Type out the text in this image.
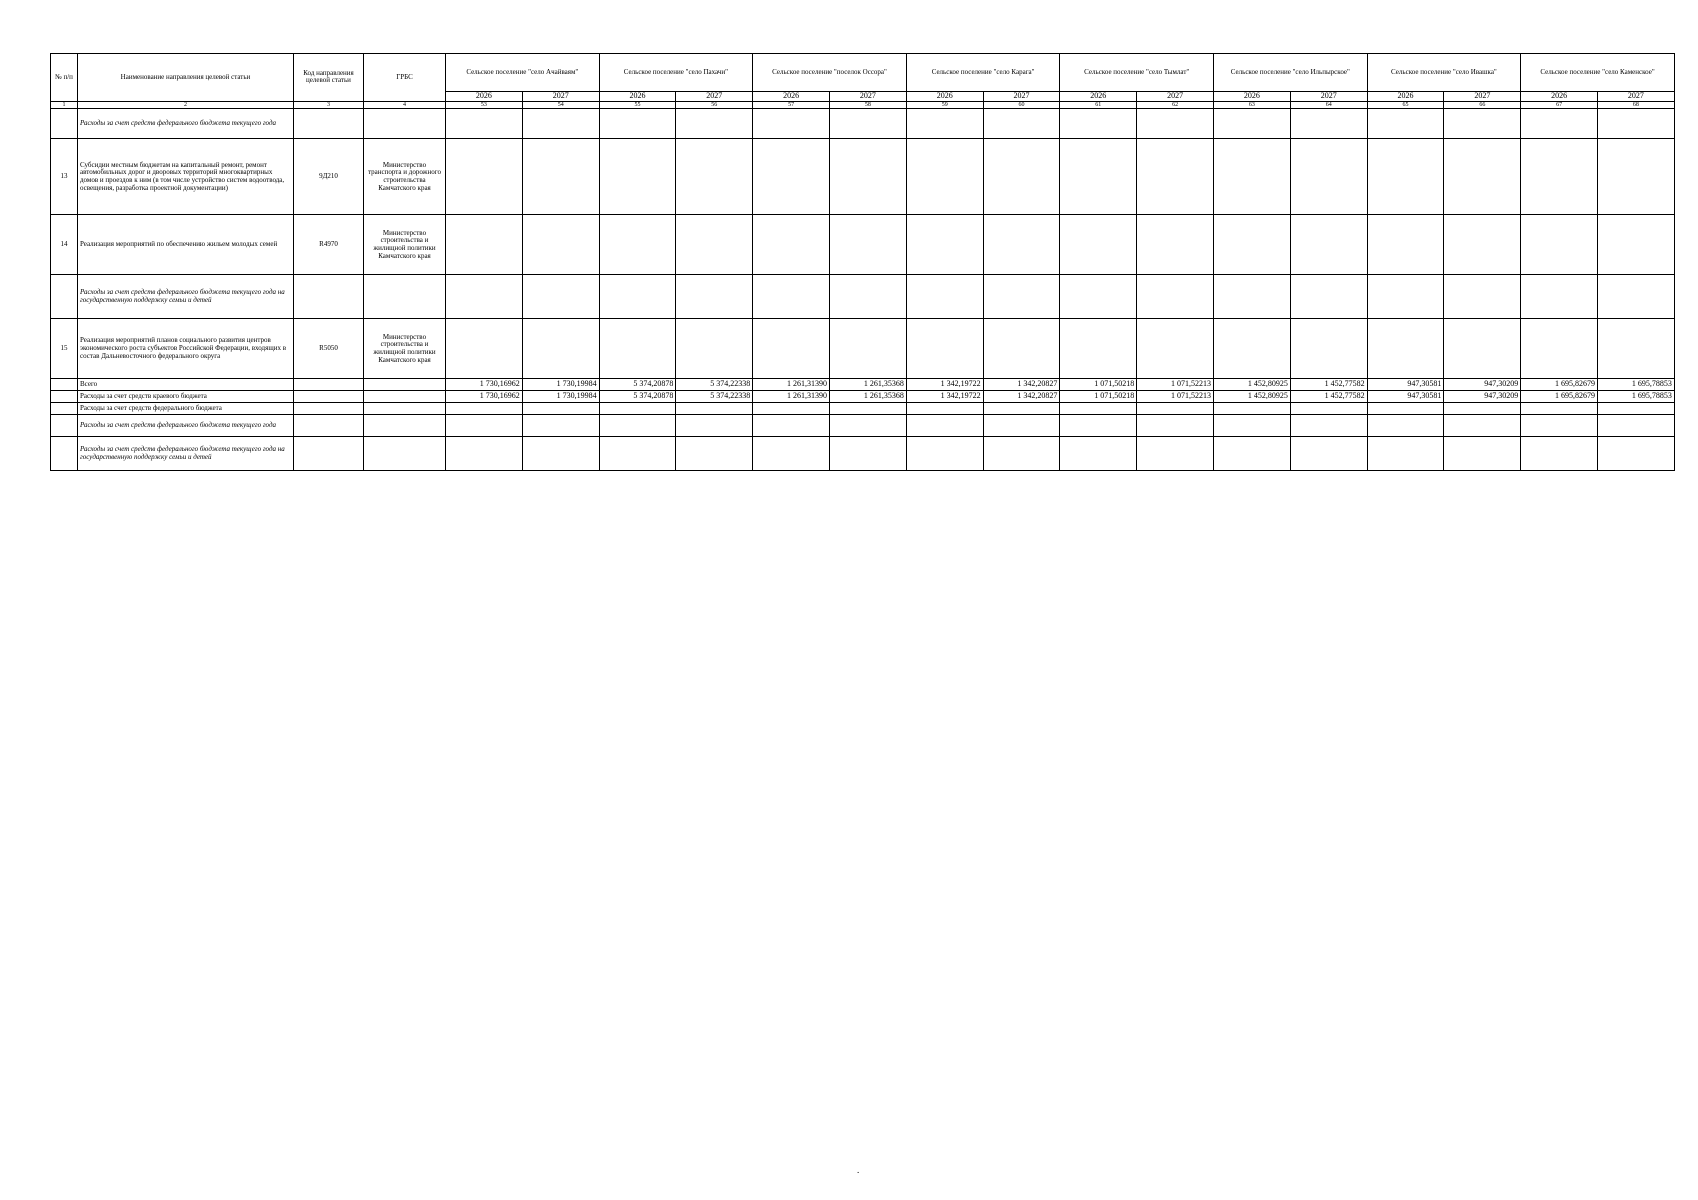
№ п/п	Наименование направления целевой статьи	Код направления целевой статьи	ГРБС	Сельское поселение "село Ачайваям"		Сельское поселение "село Пахачи"		Сельское поселение "поселок Оссора"		Сельское поселение "село Карага"		Сельское поселение "село Тымлат"		Сельское поселение "село Ильпырское"		Сельское поселение "село Ивашка"		Сельское поселение "село Каменское"	
				2026	2027	2026	2027	2026	2027	2026	2027	2026	2027	2026	2027	2026	2027	2026	2027
1	2	3	4	53	54	55	56	57	58	59	60	61	62	63	64	65	66	67	68
	Расходы за счет средств федерального бюджета текущего года																		
13	Субсидии местным бюджетам на капитальный ремонт, ремонт автомобильных дорог и дворовых территорий многоквартирных домов и проездов к ним (в том числе устройство систем водоотвода, освещения, разработка проектной документации)	9Д210	Министерство транспорта и дорожного строительства Камчатского края																
14	Реализация мероприятий по обеспечению жильем молодых семей	R4970	Министерство строительства и жилищной политики Камчатского края																
	Расходы за счет средств федерального бюджета текущего года на государственную поддержку семьи и детей																		
15	Реализация мероприятий планов социального развития центров экономического роста субъектов Российской Федерации, входящих в состав Дальневосточного федерального округа	R5050	Министерство строительства и жилищной политики Камчатского края																
	Всего			1 730,16962	1 730,19984	5 374,20878	5 374,22338	1 261,31390	1 261,35368	1 342,19722	1 342,20827	1 071,50218	1 071,52213	1 452,80925	1 452,77582	947,30581	947,30209	1 695,82679	1 695,78853
	Расходы за счет средств краевого бюджета			1 730,16962	1 730,19984	5 374,20878	5 374,22338	1 261,31390	1 261,35368	1 342,19722	1 342,20827	1 071,50218	1 071,52213	1 452,80925	1 452,77582	947,30581	947,30209	1 695,82679	1 695,78853
	Расходы за счет средств федерального бюджета																		
	Расходы за счет средств федерального бюджета текущего года																		
	Расходы за счет средств федерального бюджета текущего года на государственную поддержку семьи и детей																		
.
